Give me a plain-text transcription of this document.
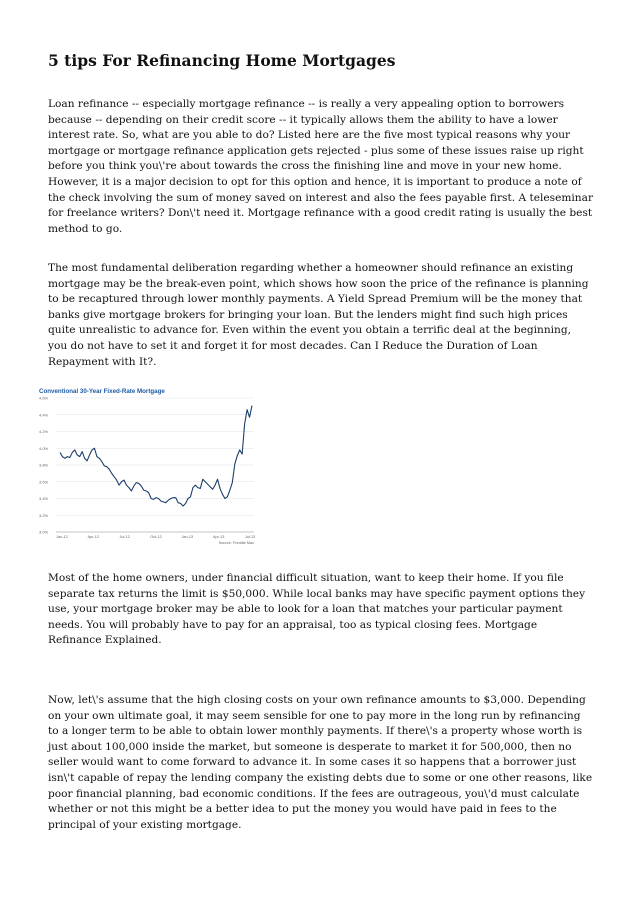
5 tips For Refinancing Home Mortgages

Loan refinance -- especially mortgage refinance -- is really a very appealing option to borrowers because -- depending on their credit score -- it typically allows them the ability to have a lower interest rate. So, what are you able to do? Listed here are the five most typical reasons why your mortgage or mortgage refinance application gets rejected - plus some of these issues raise up right before you think you\'re about towards the cross the finishing line and move in your new home. However, it is a major decision to opt for this option and hence, it is important to produce a note of the check involving the sum of money saved on interest and also the fees payable first. A teleseminar for freelance writers? Don\'t need it. Mortgage refinance with a good credit rating is usually the best method to go.

The most fundamental deliberation regarding whether a homeowner should refinance an existing mortgage may be the break-even point, which shows how soon the price of the refinance is planning to be recaptured through lower monthly payments. A Yield Spread Premium will be the money that banks give mortgage brokers for bringing your loan. But the lenders might find such high prices quite unrealistic to advance for. Even within the event you obtain a terrific deal at the beginning, you do not have to set it and forget it for most decades. Can I Reduce the Duration of Loan Repayment with It?.

Conventional 30-Year Fixed-Rate Mortgage
3.0%
3.2%
3.4%
3.6%
3.8%
4.0%
4.2%
4.4%
4.6%
Jan-12	Apr-12	Jul-12	Oct-12	Jan-13	Apr-13	Jul-13
Source: Freddie Mac

Most of the home owners, under financial difficult situation, want to keep their home. If you file separate tax returns the limit is $50,000. While local banks may have specific payment options they use, your mortgage broker may be able to look for a loan that matches your particular payment needs. You will probably have to pay for an appraisal, too as typical closing fees. Mortgage Refinance Explained.

Now, let\'s assume that the high closing costs on your own refinance amounts to $3,000. Depending on your own ultimate goal, it may seem sensible for one to pay more in the long run by refinancing to a longer term to be able to obtain lower monthly payments. If there\'s a property whose worth is just about 100,000 inside the market, but someone is desperate to market it for 500,000, then no seller would want to come forward to advance it. In some cases it so happens that a borrower just isn\'t capable of repay the lending company the existing debts due to some or one other reasons, like poor financial planning, bad economic conditions. If the fees are outrageous, you\'d must calculate whether or not this might be a better idea to put the money you would have paid in fees to the principal of your existing mortgage.
